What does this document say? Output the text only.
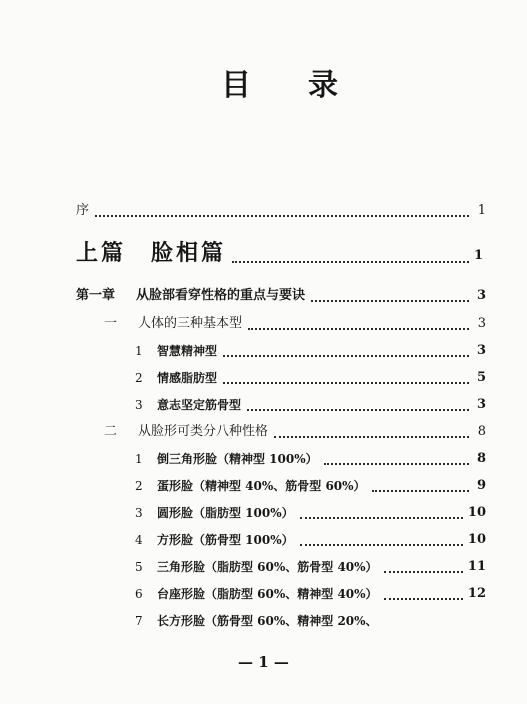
目 录
序	1
上篇　脸相篇	1
第一章	从脸部看穿性格的重点与要诀	3
一	人体的三种基本型	3
1	智慧精神型	3
2	情感脂肪型	5
3	意志坚定筋骨型	3
二	从脸形可类分八种性格	8
1	倒三角形脸（精神型 100%）	8
2	蛋形脸（精神型 40%、筋骨型 60%）	9
3	圆形脸（脂肪型 100%）	10
4	方形脸（筋骨型 100%）	10
5	三角形脸（脂肪型 60%、筋骨型 40%）	11
6	台座形脸（脂肪型 60%、精神型 40%）	12
7	长方形脸（筋骨型 60%、精神型 20%、
— 1 —
